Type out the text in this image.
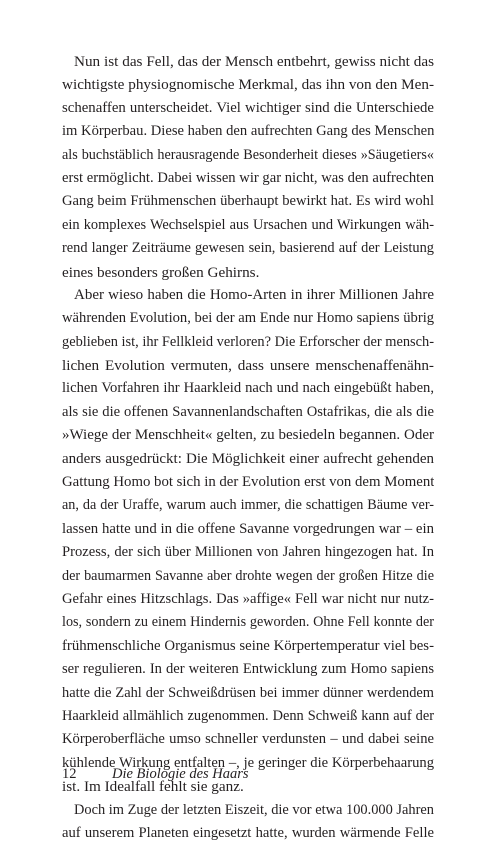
Nun ist das Fell, das der Mensch entbehrt, gewiss nicht das
wichtigste physiognomische Merkmal, das ihn von den Men-
schenaffen unterscheidet. Viel wichtiger sind die Unterschiede
im Körperbau. Diese haben den aufrechten Gang des Menschen
als buchstäblich herausragende Besonderheit dieses »Säugetiers«
erst ermöglicht. Dabei wissen wir gar nicht, was den aufrechten
Gang beim Frühmenschen überhaupt bewirkt hat. Es wird wohl
ein komplexes Wechselspiel aus Ursachen und Wirkungen wäh-
rend langer Zeiträume gewesen sein, basierend auf der Leistung
eines besonders großen Gehirns.
Aber wieso haben die Homo-Arten in ihrer Millionen Jahre
währenden Evolution, bei der am Ende nur Homo sapiens übrig
geblieben ist, ihr Fellkleid verloren? Die Erforscher der mensch-
lichen Evolution vermuten, dass unsere menschenaffenähn-
lichen Vorfahren ihr Haarkleid nach und nach eingebüßt haben,
als sie die offenen Savannenlandschaften Ostafrikas, die als die
»Wiege der Menschheit« gelten, zu besiedeln begannen. Oder
anders ausgedrückt: Die Möglichkeit einer aufrecht gehenden
Gattung Homo bot sich in der Evolution erst von dem Moment
an, da der Uraffe, warum auch immer, die schattigen Bäume ver-
lassen hatte und in die offene Savanne vorgedrungen war – ein
Prozess, der sich über Millionen von Jahren hingezogen hat. In
der baumarmen Savanne aber drohte wegen der großen Hitze die
Gefahr eines Hitzschlags. Das »affige« Fell war nicht nur nutz-
los, sondern zu einem Hindernis geworden. Ohne Fell konnte der
frühmenschliche Organismus seine Körpertemperatur viel bes-
ser regulieren. In der weiteren Entwicklung zum Homo sapiens
hatte die Zahl der Schweißdrüsen bei immer dünner werdendem
Haarkleid allmählich zugenommen. Denn Schweiß kann auf der
Körperoberfläche umso schneller verdunsten – und dabei seine
kühlende Wirkung entfalten –, je geringer die Körperbehaarung
ist. Im Idealfall fehlt sie ganz.
Doch im Zuge der letzten Eiszeit, die vor etwa 100.000 Jahren
auf unserem Planeten eingesetzt hatte, wurden wärmende Felle
12 Die Biologie des Haars
